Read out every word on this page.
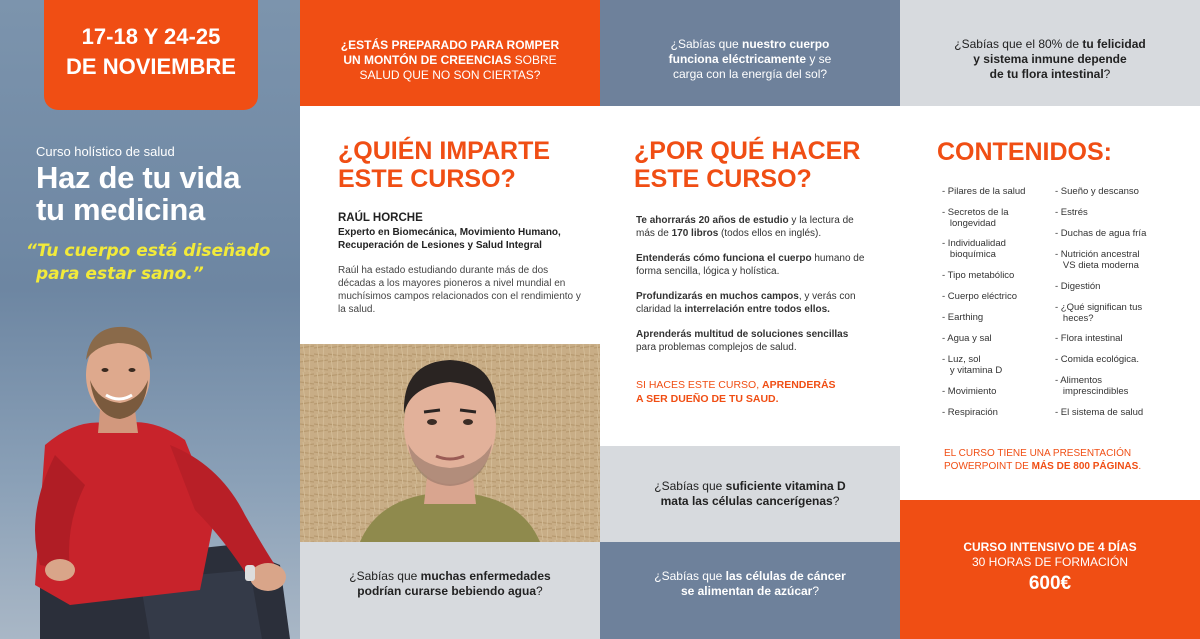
17-18 Y 24-25
DE NOVIEMBRE
Curso holístico de salud
Haz de tu vida
tu medicina
“Tu cuerpo está diseñado
para estar sano.”
¿ESTÁS PREPARADO PARA ROMPER
UN MONTÓN DE CREENCIAS SOBRE
SALUD QUE NO SON CIERTAS?
¿QUIÉN IMPARTE
ESTE CURSO?
RAÚL HORCHE
Experto en Biomecánica, Movimiento Humano, Recuperación de Lesiones y Salud Integral
Raúl ha estado estudiando durante más de dos décadas a los mayores pioneros a nivel mundial en muchísimos campos relacionados con el rendimiento y la salud.
¿Sabías que muchas enfermedades
podrían curarse bebiendo agua?
¿Sabías que nuestro cuerpo
funciona eléctricamente y se
carga con la energía del sol?
¿POR QUÉ HACER
ESTE CURSO?
Te ahorrarás 20 años de estudio y la lectura de más de 170 libros (todos ellos en inglés).
Entenderás cómo funciona el cuerpo humano de forma sencilla, lógica y holística.
Profundizarás en muchos campos, y verás con claridad la interrelación entre todos ellos.
Aprenderás multitud de soluciones sencillas para problemas complejos de salud.
SI HACES ESTE CURSO, APRENDERÁS
A SER DUEÑO DE TU SAUD.
¿Sabías que suficiente vitamina D
mata las células cancerígenas?
¿Sabías que las células de cáncer
se alimentan de azúcar?
¿Sabías que el 80% de tu felicidad
y sistema inmune depende
de tu flora intestinal?
CONTENIDOS:
- Pilares de la salud
- Secretos de la
longevidad
- Individualidad
bioquímica
- Tipo metabólico
- Cuerpo eléctrico
- Earthing
- Agua y sal
- Luz, sol
y vitamina D
- Movimiento
- Respiración
- Sueño y descanso
- Estrés
- Duchas de agua fría
- Nutrición ancestral
VS dieta moderna
- Digestión
- ¿Qué significan tus
heces?
- Flora intestinal
- Comida ecológica.
- Alimentos
imprescindibles
- El sistema de salud
EL CURSO TIENE UNA PRESENTACIÓN POWERPOINT DE MÁS DE 800 PÁGINAS.
CURSO INTENSIVO DE 4 DÍAS
30 HORAS DE FORMACIÓN
600€
